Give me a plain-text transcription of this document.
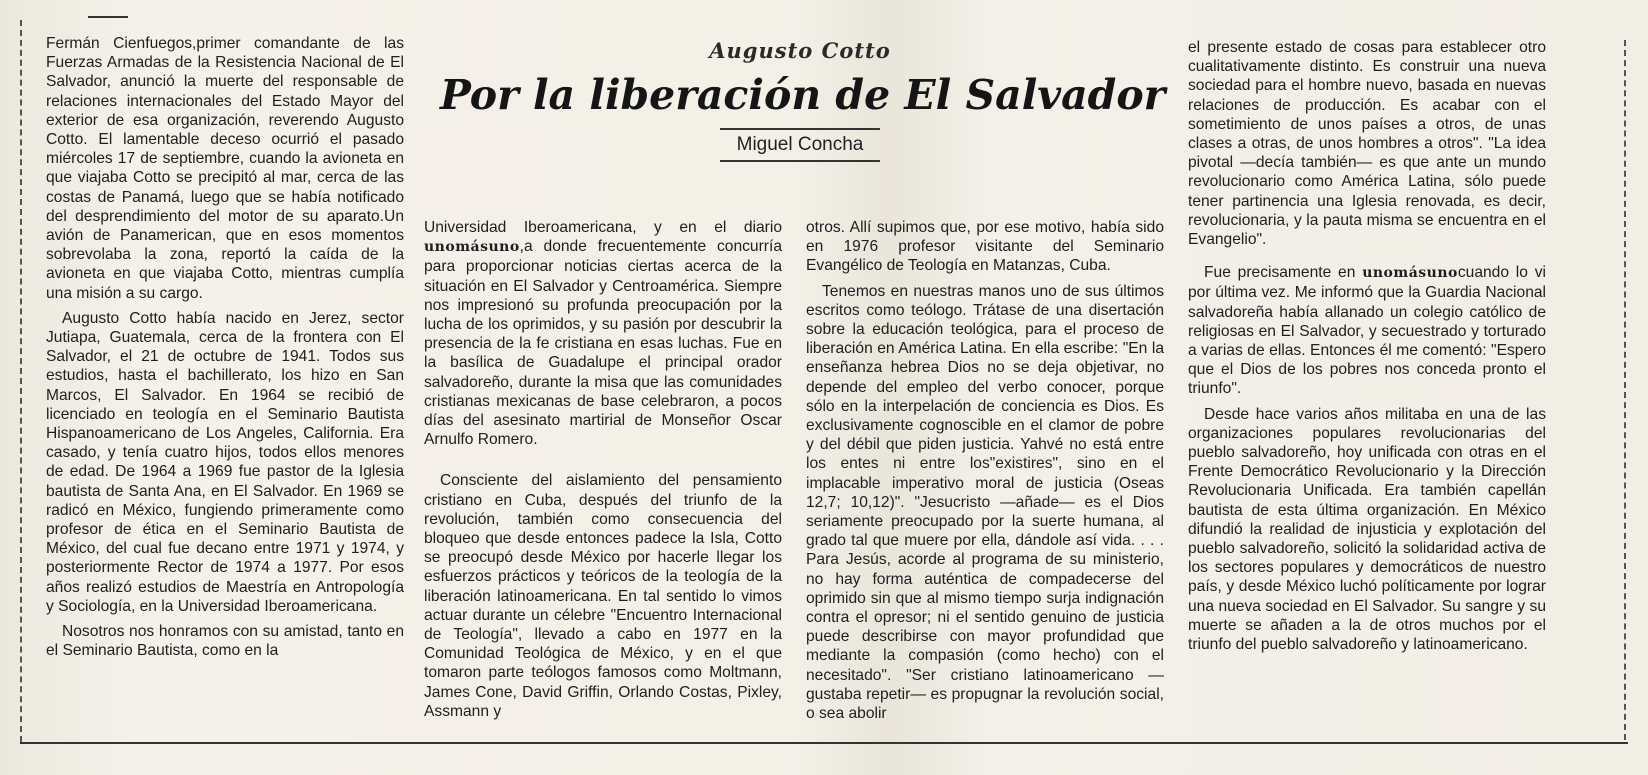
Augusto Cotto
Por la liberación de El Salvador
Miguel Concha

Fermán Cienfuegos,primer comandante de las Fuerzas Armadas de la Resistencia Nacional de El Salvador, anunció la muerte del responsable de relaciones internacionales del Estado Mayor del exterior de esa organización, reverendo Augusto Cotto. El lamentable deceso ocurrió el pasado miércoles 17 de septiembre, cuando la avioneta en que viajaba Cotto se precipitó al mar, cerca de las costas de Panamá, luego que se había notificado del desprendimiento del motor de su aparato.Un avión de Panamerican, que en esos momentos sobrevolaba la zona, reportó la caída de la avioneta en que viajaba Cotto, mientras cumplía una misión a su cargo.

Augusto Cotto había nacido en Jerez, sector Jutiapa, Guatemala, cerca de la frontera con El Salvador, el 21 de octubre de 1941. Todos sus estudios, hasta el bachillerato, los hizo en San Marcos, El Salvador. En 1964 se recibió de licenciado en teología en el Seminario Bautista Hispanoamericano de Los Angeles, California. Era casado, y tenía cuatro hijos, todos ellos menores de edad. De 1964 a 1969 fue pastor de la Iglesia bautista de Santa Ana, en El Salvador. En 1969 se radicó en México, fungiendo primeramente como profesor de ética en el Seminario Bautista de México, del cual fue decano entre 1971 y 1974, y posteriormente Rector de 1974 a 1977. Por esos años realizó estudios de Maestría en Antropología y Sociología, en la Universidad Iberoamericana.

Nosotros nos honramos con su amistad, tanto en el Seminario Bautista, como en la

Universidad Iberoamericana, y en el diario unomásuno,a donde frecuentemente concurría para proporcionar noticias ciertas acerca de la situación en El Salvador y Centroamérica. Siempre nos impresionó su profunda preocupación por la lucha de los oprimidos, y su pasión por descubrir la presencia de la fe cristiana en esas luchas. Fue en la basílica de Guadalupe el principal orador salvadoreño, durante la misa que las comunidades cristianas mexicanas de base celebraron, a pocos días del asesinato martirial de Monseñor Oscar Arnulfo Romero.

Consciente del aislamiento del pensamiento cristiano en Cuba, después del triunfo de la revolución, también como consecuencia del bloqueo que desde entonces padece la Isla, Cotto se preocupó desde México por hacerle llegar los esfuerzos prácticos y teóricos de la teología de la liberación latinoamericana. En tal sentido lo vimos actuar durante un célebre "Encuentro Internacional de Teología", llevado a cabo en 1977 en la Comunidad Teológica de México, y en el que tomaron parte teólogos famosos como Moltmann, James Cone, David Griffin, Orlando Costas, Pixley, Assmann y

otros. Allí supimos que, por ese motivo, había sido en 1976 profesor visitante del Seminario Evangélico de Teología en Matanzas, Cuba.

Tenemos en nuestras manos uno de sus últimos escritos como teólogo. Trátase de una disertación sobre la educación teológica, para el proceso de liberación en América Latina. En ella escribe: "En la enseñanza hebrea Dios no se deja objetivar, no depende del empleo del verbo conocer, porque sólo en la interpelación de conciencia es Dios. Es exclusivamente cognoscible en el clamor de pobre y del débil que piden justicia. Yahvé no está entre los entes ni entre los"existires", sino en el implacable imperativo moral de justicia (Oseas 12,7; 10,12)". "Jesucristo —añade— es el Dios seriamente preocupado por la suerte humana, al grado tal que muere por ella, dándole así vida. . . . Para Jesús, acorde al programa de su ministerio, no hay forma auténtica de compadecerse del oprimido sin que al mismo tiempo surja indignación contra el opresor; ni el sentido genuino de justicia puede describirse con mayor profundidad que mediante la compasión (como hecho) con el necesitado". "Ser cristiano latinoamericano —gustaba repetir— es propugnar la revolución social, o sea abolir

el presente estado de cosas para establecer otro cualitativamente distinto. Es construir una nueva sociedad para el hombre nuevo, basada en nuevas relaciones de producción. Es acabar con el sometimiento de unos países a otros, de unas clases a otras, de unos hombres a otros". "La idea pivotal —decía también— es que ante un mundo revolucionario como América Latina, sólo puede tener partinencia una Iglesia renovada, es decir, revolucionaria, y la pauta misma se encuentra en el Evangelio".

Fue precisamente en unomásunocuando lo vi por última vez. Me informó que la Guardia Nacional salvadoreña había allanado un colegio católico de religiosas en El Salvador, y secuestrado y torturado a varias de ellas. Entonces él me comentó: "Espero que el Dios de los pobres nos conceda pronto el triunfo".

Desde hace varios años militaba en una de las organizaciones populares revolucionarias del pueblo salvadoreño, hoy unificada con otras en el Frente Democrático Revolucionario y la Dirección Revolucionaria Unificada. Era también capellán bautista de esta última organización. En México difundió la realidad de injusticia y explotación del pueblo salvadoreño, solicitó la solidaridad activa de los sectores populares y democráticos de nuestro país, y desde México luchó políticamente por lograr una nueva sociedad en El Salvador. Su sangre y su muerte se añaden a la de otros muchos por el triunfo del pueblo salvadoreño y latinoamericano.
